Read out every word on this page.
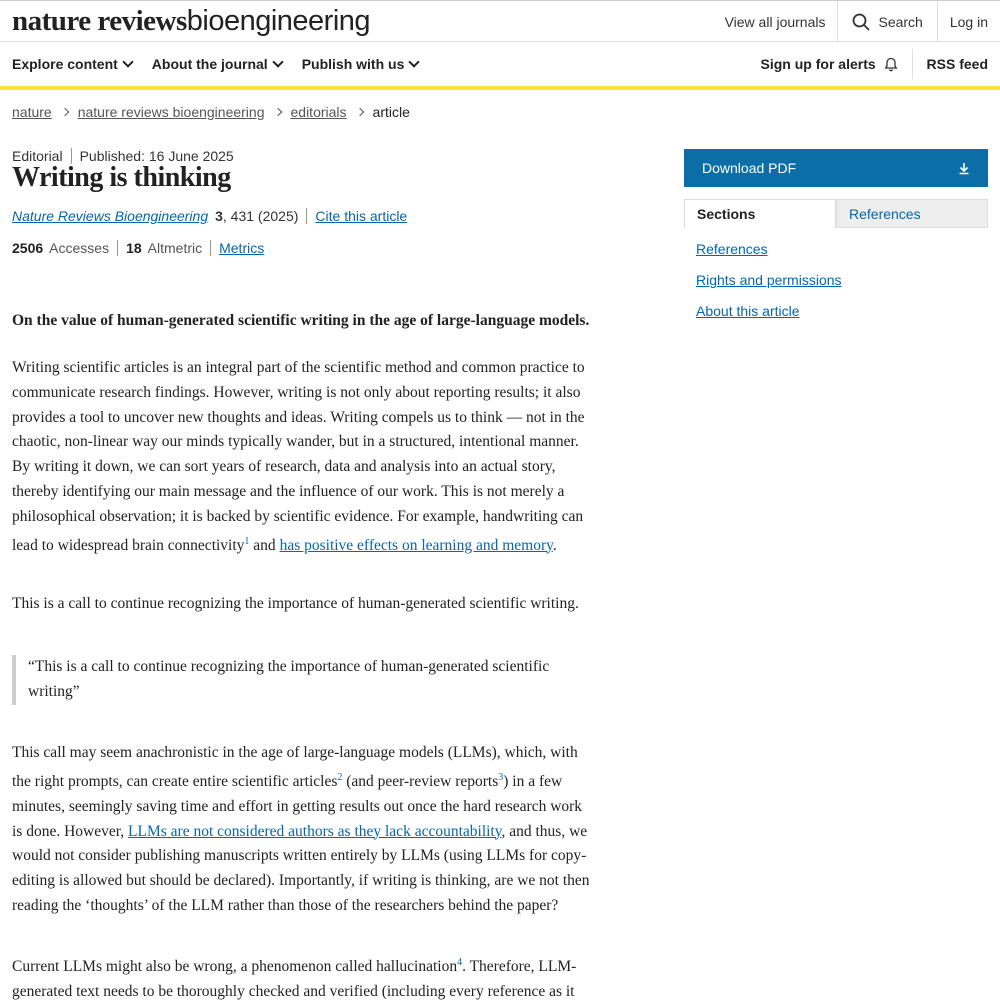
nature reviewsbioengineering	View all journals	Search	Log in
Explore content About the journal Publish with us	Sign up for alerts	RSS feed
nature nature reviews bioengineering editorials article
Editorial Published: 16 June 2025
Writing is thinking
Nature Reviews Bioengineering 3 , 431 (2025) Cite this article
2506 Accesses 18 Altmetric Metrics

On the value of human-generated scientific writing in the age of large-language models.

Writing scientific articles is an integral part of the scientific method and common practice to communicate research findings. However, writing is not only about reporting results; it also provides a tool to uncover new thoughts and ideas. Writing compels us to think — not in the chaotic, non-linear way our minds typically wander, but in a structured, intentional manner. By writing it down, we can sort years of research, data and analysis into an actual story, thereby identifying our main message and the influence of our work. This is not merely a philosophical observation; it is backed by scientific evidence. For example, handwriting can lead to widespread brain connectivity$^1$ and has positive effects on learning and memory.

This is a call to continue recognizing the importance of human-generated scientific writing.

“This is a call to continue recognizing the importance of human-generated scientific writing”

This call may seem anachronistic in the age of large-language models (LLMs), which, with the right prompts, can create entire scientific articles$^2$ (and peer-review reports$^3$) in a few minutes, seemingly saving time and effort in getting results out once the hard research work is done. However, LLMs are not considered authors as they lack accountability, and thus, we would not consider publishing manuscripts written entirely by LLMs (using LLMs for copy-editing is allowed but should be declared). Importantly, if writing is thinking, are we not then reading the ‘thoughts’ of the LLM rather than those of the researchers behind the paper?

Current LLMs might also be wrong, a phenomenon called hallucination$^4$. Therefore, LLM-generated text needs to be thoroughly checked and verified (including every reference as it

Download PDF
Sections	References
References
Rights and permissions
About this article
